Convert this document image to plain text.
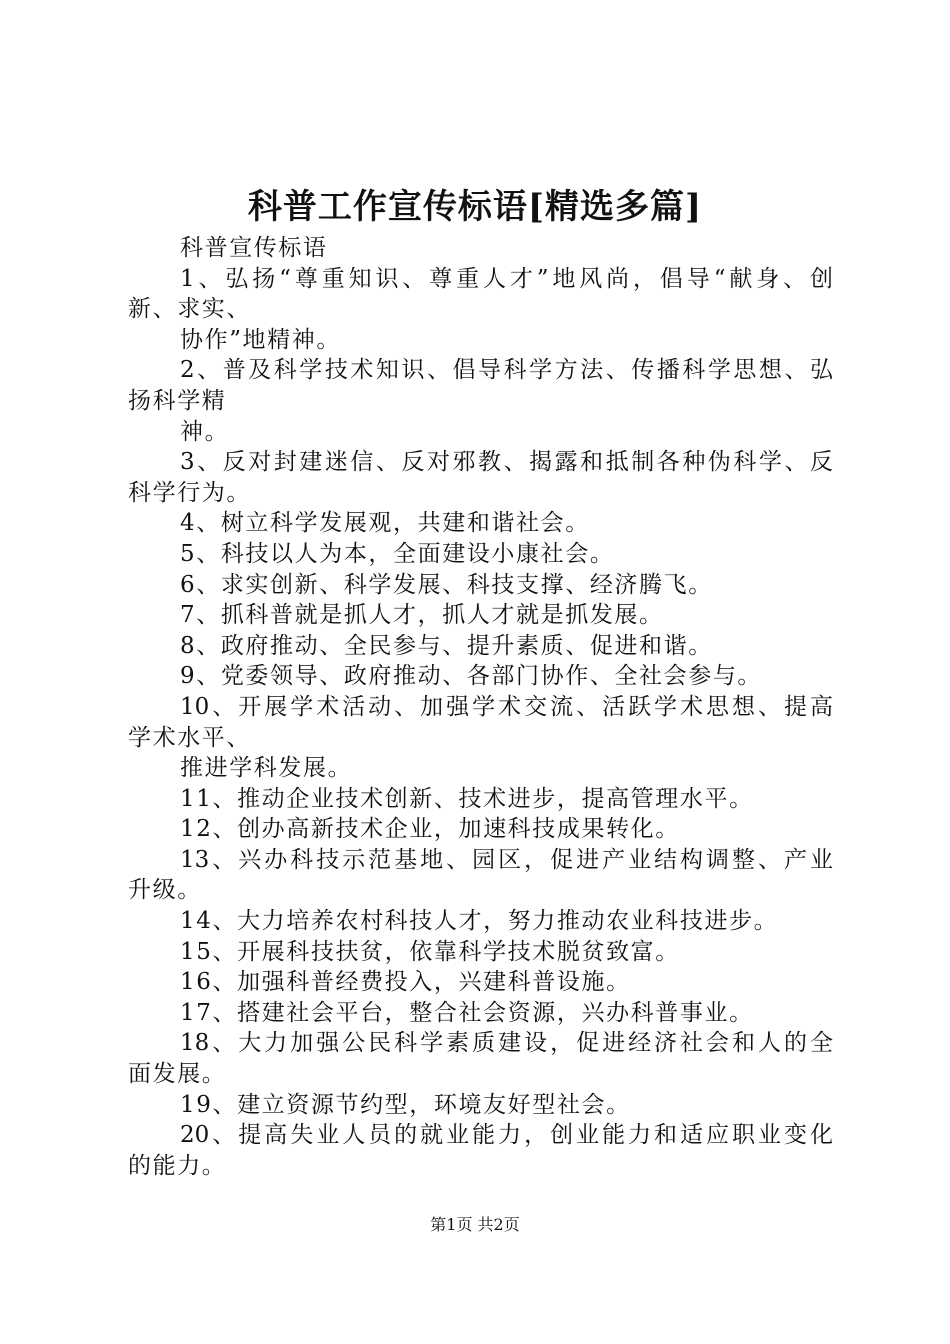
科普工作宣传标语[精选多篇]
科普宣传标语
1、弘扬“尊重知识、尊重人才”地风尚，倡导“献身、创
新、求实、
协作”地精神。
2、普及科学技术知识、倡导科学方法、传播科学思想、弘
扬科学精
神。
3、反对封建迷信、反对邪教、揭露和抵制各种伪科学、反
科学行为。
4、树立科学发展观，共建和谐社会。
5、科技以人为本，全面建设小康社会。
6、求实创新、科学发展、科技支撑、经济腾飞。
7、抓科普就是抓人才，抓人才就是抓发展。
8、政府推动、全民参与、提升素质、促进和谐。
9、党委领导、政府推动、各部门协作、全社会参与。
10、开展学术活动、加强学术交流、活跃学术思想、提高
学术水平、
推进学科发展。
11、推动企业技术创新、技术进步，提高管理水平。
12、创办高新技术企业，加速科技成果转化。
13、兴办科技示范基地、园区，促进产业结构调整、产业
升级。
14、大力培养农村科技人才，努力推动农业科技进步。
15、开展科技扶贫，依靠科学技术脱贫致富。
16、加强科普经费投入，兴建科普设施。
17、搭建社会平台，整合社会资源，兴办科普事业。
18、大力加强公民科学素质建设，促进经济社会和人的全
面发展。
19、建立资源节约型，环境友好型社会。
20、提高失业人员的就业能力，创业能力和适应职业变化
的能力。
第1页 共2页
